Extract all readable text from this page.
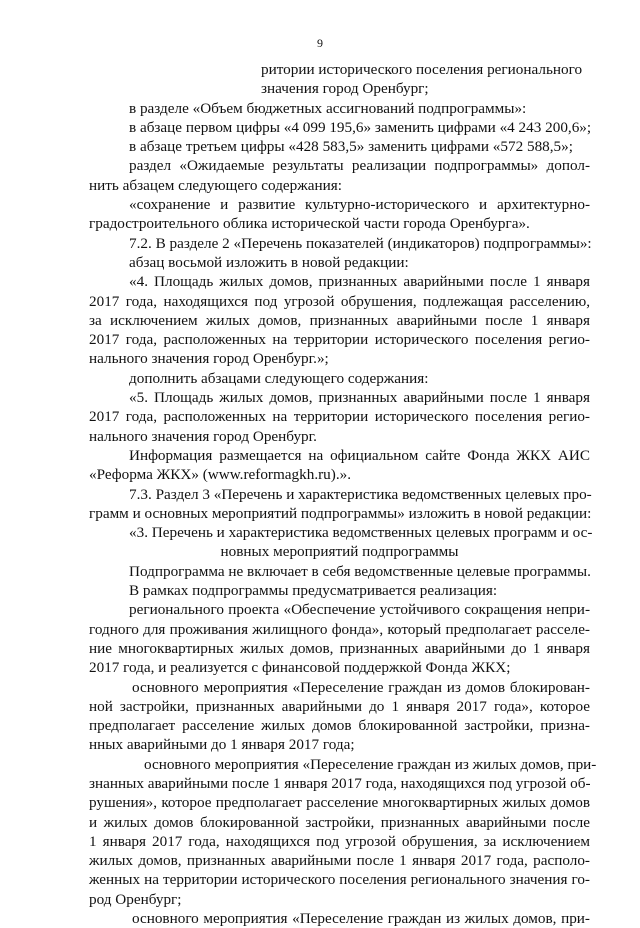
9
ритории исторического поселения регионального
значения город Оренбург;
в разделе «Объем бюджетных ассигнований подпрограммы»:
в абзаце первом цифры «4 099 195,6» заменить цифрами «4 243 200,6»;
в абзаце третьем цифры «428 583,5» заменить цифрами «572 588,5»;
раздел «Ожидаемые результаты реализации подпрограммы» допол-
нить абзацем следующего содержания:
«сохранение и развитие культурно-исторического и архитектурно-
градостроительного облика исторической части города Оренбурга».
7.2. В разделе 2 «Перечень показателей (индикаторов) подпрограммы»:
абзац восьмой изложить в новой редакции:
«4. Площадь жилых домов, признанных аварийными после 1 января
2017 года, находящихся под угрозой обрушения, подлежащая расселению,
за исключением жилых домов, признанных аварийными после 1 января
2017 года, расположенных на территории исторического поселения регио-
нального значения город Оренбург.»;
дополнить абзацами следующего содержания:
«5. Площадь жилых домов, признанных аварийными после 1 января
2017 года, расположенных на территории исторического поселения регио-
нального значения город Оренбург.
Информация размещается на официальном сайте Фонда ЖКХ АИС
«Реформа ЖКХ» (www.reformagkh.ru).».
7.3. Раздел 3 «Перечень и характеристика ведомственных целевых про-
грамм и основных мероприятий подпрограммы» изложить в новой редакции:
«3. Перечень и характеристика ведомственных целевых программ и ос-
новных мероприятий подпрограммы
Подпрограмма не включает в себя ведомственные целевые программы.
В рамках подпрограммы предусматривается реализация:
регионального проекта «Обеспечение устойчивого сокращения непри-
годного для проживания жилищного фонда», который предполагает расселе-
ние многоквартирных жилых домов, признанных аварийными до 1 января
2017 года, и реализуется с финансовой поддержкой Фонда ЖКХ;
основного мероприятия «Переселение граждан из домов блокирован-
ной застройки, признанных аварийными до 1 января 2017 года», которое
предполагает расселение жилых домов блокированной застройки, призна-
нных аварийными до 1 января 2017 года;
основного мероприятия «Переселение граждан из жилых домов, при-
знанных аварийными после 1 января 2017 года, находящихся под угрозой об-
рушения», которое предполагает расселение многоквартирных жилых домов
и жилых домов блокированной застройки, признанных аварийными после
1 января 2017 года, находящихся под угрозой обрушения, за исключением
жилых домов, признанных аварийными после 1 января 2017 года, располо-
женных на территории исторического поселения регионального значения го-
род Оренбург;
основного мероприятия «Переселение граждан из жилых домов, при-
